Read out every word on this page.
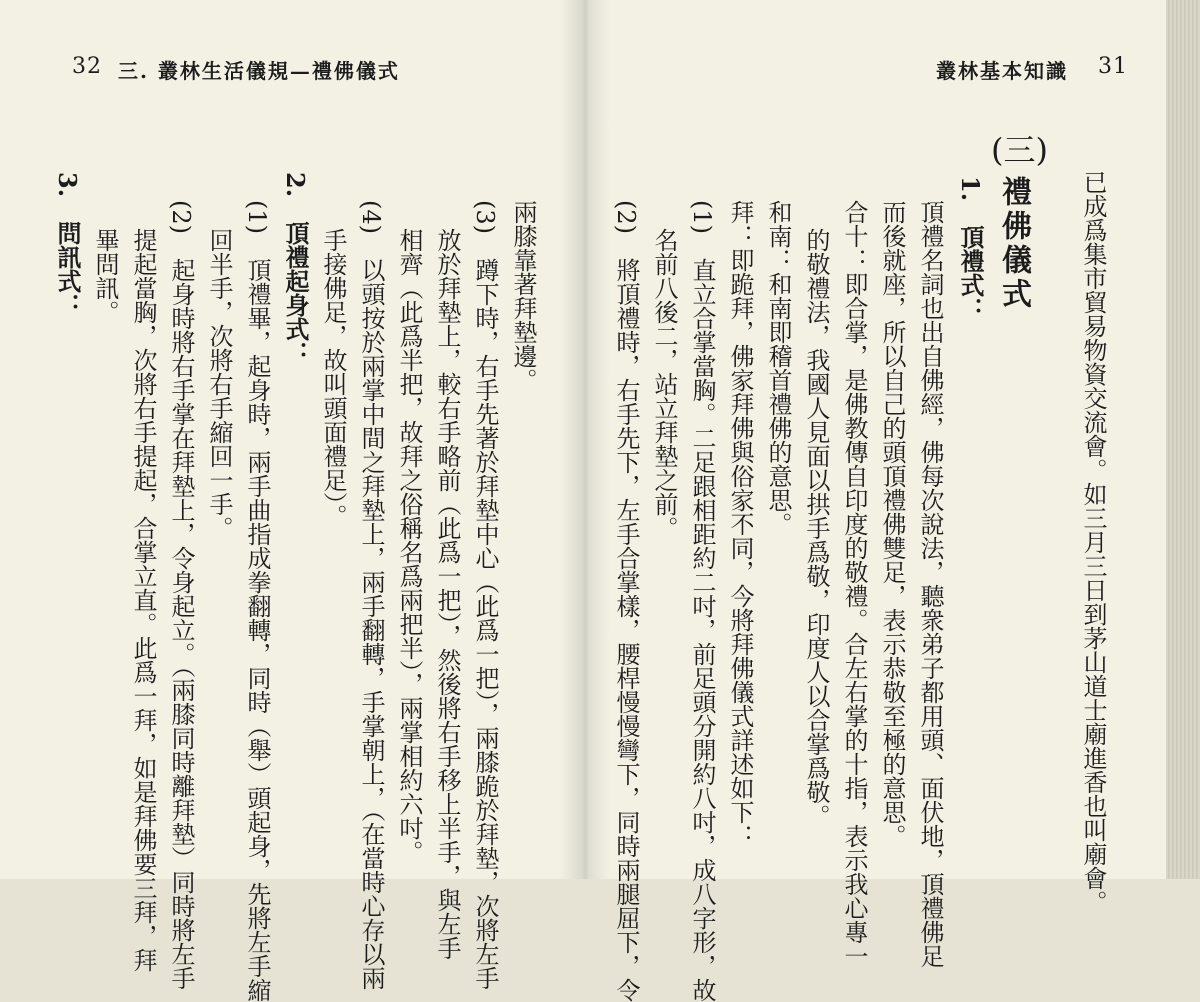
32 三. 叢林生活儀規—禮佛儀式
兩膝靠著拜墊邊。
(3)　蹲下時，右手先著於拜墊中心（此爲一把），兩膝跪於拜墊，次將左手
放於拜墊上，較右手略前（此爲一把），然後將右手移上半手，與左手
相齊（此爲半把，故拜之俗稱名爲兩把半），兩掌相約六吋。
(4)　以頭按於兩掌中間之拜墊上，兩手翻轉，手掌朝上，（在當時心存以兩
手接佛足，故叫頭面禮足）。
2.　頂禮起身式：
(1)　頂禮畢，起身時，兩手曲指成拳翻轉，同時（舉）頭起身，先將左手縮
回半手，次將右手縮回一手。
(2)　起身時將右手掌在拜墊上，令身起立。（兩膝同時離拜墊）同時將左手
提起當胸，次將右手提起，合掌立直。此爲一拜，如是拜佛要三拜，拜
畢問訊。
3.　問訊式：
叢林基本知識 31
已成爲集市貿易物資交流會。如三月三日到茅山道士廟進香也叫廟會。
(三)
禮佛儀式
1.　頂禮式：
頂禮名詞也出自佛經，佛每次說法，聽衆弟子都用頭、面伏地，頂禮佛足
而後就座，所以自己的頭頂禮佛雙足，表示恭敬至極的意思。
合十：即合掌，是佛教傳自印度的敬禮。合左右掌的十指，表示我心專一
的敬禮法，我國人見面以拱手爲敬，印度人以合掌爲敬。
和南：和南即稽首禮佛的意思。
拜：即跪拜，佛家拜佛與俗家不同，今將拜佛儀式詳述如下：
(1)　直立合掌當胸。二足跟相距約二吋，前足頭分開約八吋，成八字形，故
名前八後二，站立拜墊之前。
(2)　將頂禮時，右手先下，左手合掌樣，腰桿慢慢彎下，同時兩腿屈下，令
